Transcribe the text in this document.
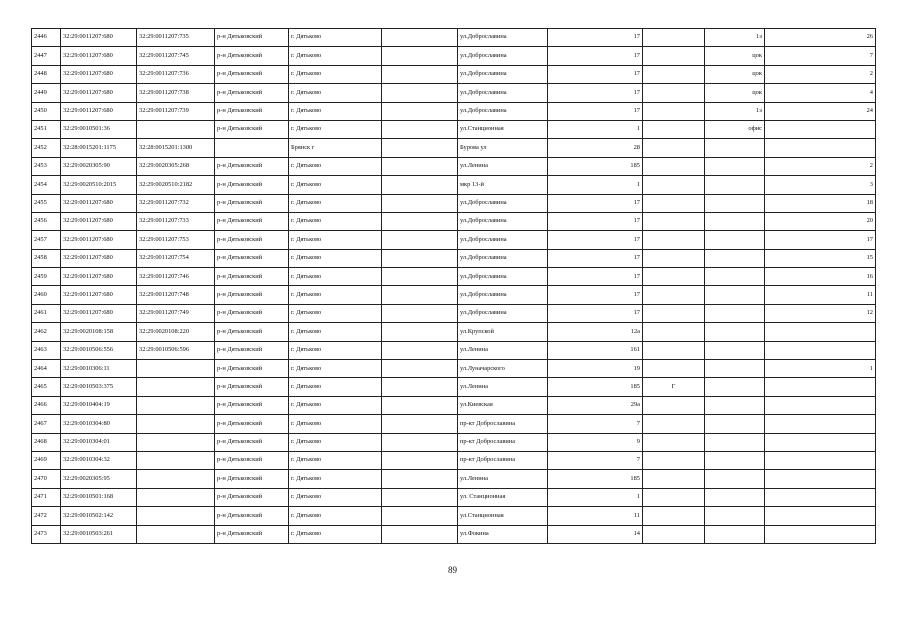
2446	32:29:0011207:680	32:29:0011207:735	р-н Дятьковский	г. Дятьково		ул.Доброславина	17		1э	26
2447	32:29:0011207:680	32:29:0011207:745	р-н Дятьковский	г. Дятьково		ул.Доброславина	17		цок	7
2448	32:29:0011207:680	32:29:0011207:736	р-н Дятьковский	г. Дятьково		ул.Доброславина	17		цок	2
2449	32:29:0011207:680	32:29:0011207:738	р-н Дятьковский	г. Дятьково		ул.Доброславина	17		цок	4
2450	32:29:0011207:680	32:29:0011207:739	р-н Дятьковский	г. Дятьково		ул.Доброславина	17		1э	24
2451	32:29:0010501:36		р-н Дятьковский	г. Дятьково		ул.Станционная	1		офис	
2452	32:28:0015201:1175	32:28:0015201:1300		Брянск г		Бурова ул	28			
2453	32:29:0020305:90	32:29:0020305:268	р-н Дятьковский	г. Дятьково		ул.Ленина	185			2
2454	32:29:0020510:2015	32:29:0020510:2182	р-н Дятьковский	г. Дятьково		мкр 13-й	1			3
2455	32:29:0011207:680	32:29:0011207:732	р-н Дятьковский	г. Дятьково		ул.Доброславина	17			18
2456	32:29:0011207:680	32:29:0011207:733	р-н Дятьковский	г. Дятьково		ул.Доброславина	17			20
2457	32:29:0011207:680	32:29:0011207:753	р-н Дятьковский	г. Дятьково		ул.Доброславина	17			17
2458	32:29:0011207:680	32:29:0011207:754	р-н Дятьковский	г. Дятьково		ул.Доброславина	17			15
2459	32:29:0011207:680	32:29:0011207:746	р-н Дятьковский	г. Дятьково		ул.Доброславина	17			16
2460	32:29:0011207:680	32:29:0011207:748	р-н Дятьковский	г. Дятьково		ул.Доброславина	17			11
2461	32:29:0011207:680	32:29:0011207:749	р-н Дятьковский	г. Дятьково		ул.Доброславина	17			12
2462	32:29:0020108:158	32:29:0020108:220	р-н Дятьковский	г. Дятьково		ул.Крупской	12а			
2463	32:29:0010506:556	32:29:0010506:596	р-н Дятьковский	г. Дятьково		ул.Ленина	161			
2464	32:29:0010306:11		р-н Дятьковский	г. Дятьково		ул.Луначарского	19			1
2465	32:29:0010503:375		р-н Дятьковский	г. Дятьково		ул.Ленина	185	Г		
2466	32:29:0010404:19		р-н Дятьковский	г. Дятьково		ул.Киевская	29а			
2467	32:29:0010304:80		р-н Дятьковский	г. Дятьково		пр-кт Доброславина	7			
2468	32:29:0010304:01		р-н Дятьковский	г. Дятьково		пр-кт Доброславина	9			
2469	32:29:0010304:32		р-н Дятьковский	г. Дятьково		пр-кт Доброславина	7			
2470	32:29:0020305:95		р-н Дятьковский	г. Дятьково		ул.Ленина	185			
2471	32:29:0010501:168		р-н Дятьковский	г. Дятьково		ул. Станционная	1			
2472	32:29:0010502:142		р-н Дятьковский	г. Дятьково		ул.Станционная	11			
2473	32:29:0010503:261		р-н Дятьковский	г. Дятьково		ул.Фокина	14			
89
